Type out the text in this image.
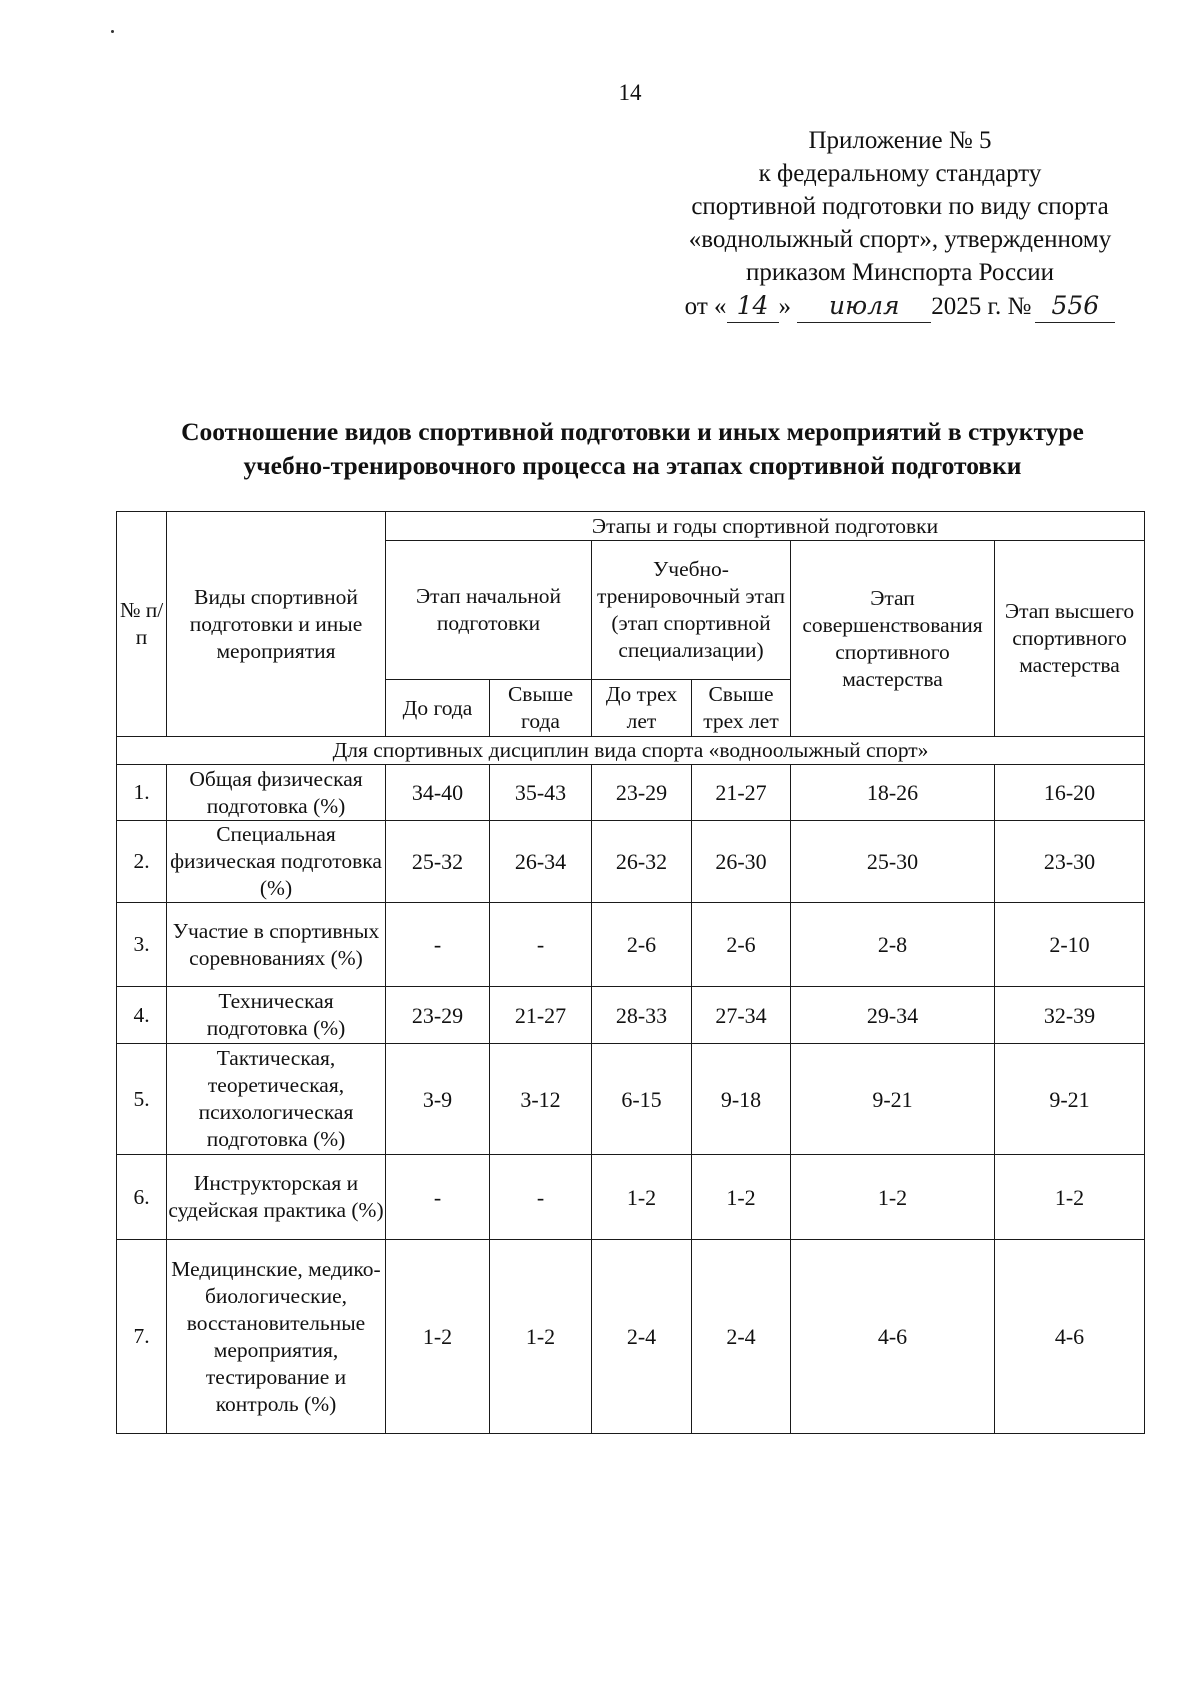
14
Приложение № 5
к федеральному стандарту
спортивной подготовки по виду спорта
«воднолыжный спорт», утвержденному
приказом Минспорта России
от « 14 » июля 2025 г. № 556
Соотношение видов спортивной подготовки и иных мероприятий в структуре
учебно-тренировочного процесса на этапах спортивной подготовки
№ п/п	Виды спортивной подготовки и иные мероприятия	Этапы и годы спортивной подготовки					
		Этап начальной подготовки		Учебно-тренировочный этап (этап спортивной специализации)		Этап совершенствования спортивного мастерства	Этап высшего спортивного мастерства
		До года	Свыше года	До трех лет	Свыше трех лет		
Для спортивных дисциплин вида спорта «водноолыжный спорт»							
1.	Общая физическая подготовка (%)	34-40	35-43	23-29	21-27	18-26	16-20
2.	Специальная физическая подготовка (%)	25-32	26-34	26-32	26-30	25-30	23-30
3.	Участие в спортивных соревнованиях (%)	-	-	2-6	2-6	2-8	2-10
4.	Техническая подготовка (%)	23-29	21-27	28-33	27-34	29-34	32-39
5.	Тактическая, теоретическая, психологическая подготовка (%)	3-9	3-12	6-15	9-18	9-21	9-21
6.	Инструкторская и судейская практика (%)	-	-	1-2	1-2	1-2	1-2
7.	Медицинские, медико-биологические, восстановительные мероприятия, тестирование и контроль (%)	1-2	1-2	2-4	2-4	4-6	4-6
